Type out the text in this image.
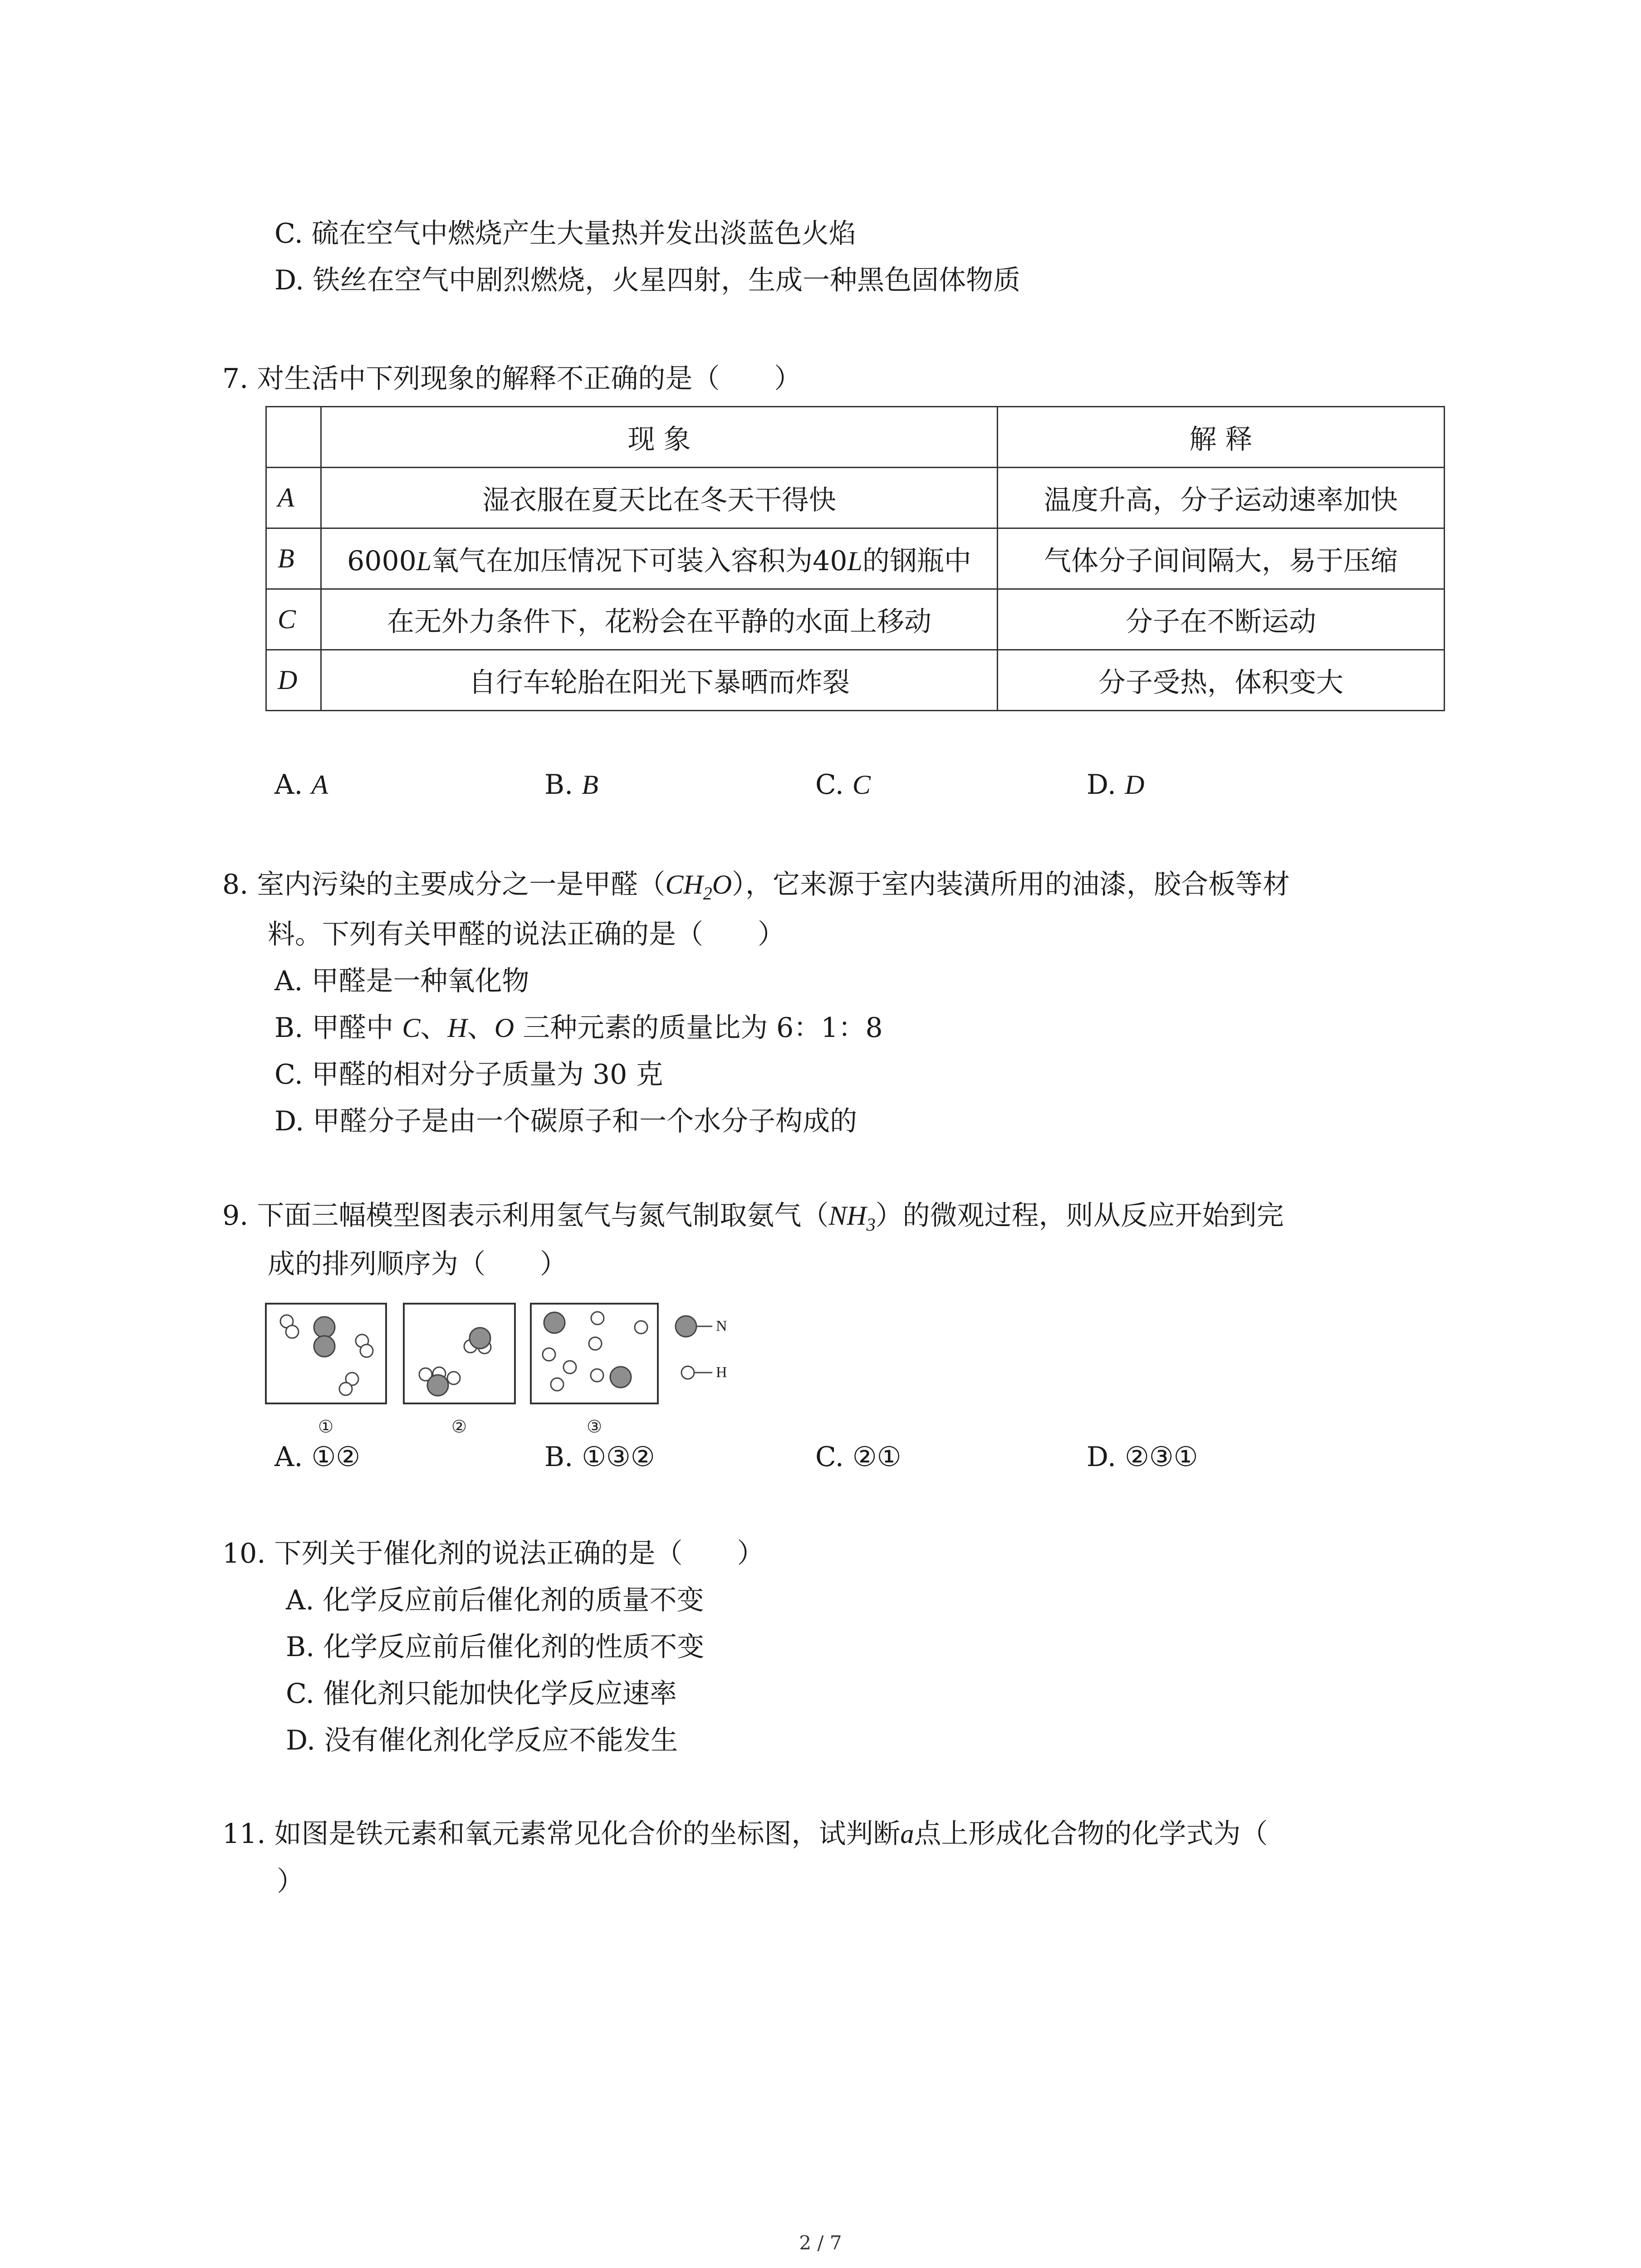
C. 硫在空气中燃烧产生大量热并发出淡蓝色火焰
D. 铁丝在空气中剧烈燃烧，火星四射，生成一种黑色固体物质
7. 对生活中下列现象的解释不正确的是（　　）
	现 象	解 释
A	湿衣服在夏天比在冬天干得快	温度升高，分子运动速率加快
B	6000L氧气在加压情况下可装入容积为40L的钢瓶中	气体分子间间隔大，易于压缩
C	在无外力条件下，花粉会在平静的水面上移动	分子在不断运动
D	自行车轮胎在阳光下暴晒而炸裂	分子受热，体积变大
A. A	B. B	C. C	D. D
8. 室内污染的主要成分之一是甲醛$(CH_2O)$，它来源于室内装潢所用的油漆，胶合板等材
料。下列有关甲醛的说法正确的是（　　）
A. 甲醛是一种氧化物
B. 甲醛中 C、H、O 三种元素的质量比为 6：1：8
C. 甲醛的相对分子质量为 30 克
D. 甲醛分子是由一个碳原子和一个水分子构成的
9. 下面三幅模型图表示利用氢气与氮气制取氨气$(NH_3)$的微观过程，则从反应开始到完
成的排列顺序为（　　）
N
H
①	②	③
A. ①②	B. ①③②	C. ②①	D. ②③①
10. 下列关于催化剂的说法正确的是（　　）
A. 化学反应前后催化剂的质量不变
B. 化学反应前后催化剂的性质不变
C. 催化剂只能加快化学反应速率
D. 没有催化剂化学反应不能发生
11. 如图是铁元素和氧元素常见化合价的坐标图，试判断a点上形成化合物的化学式为（
）
2 / 7
